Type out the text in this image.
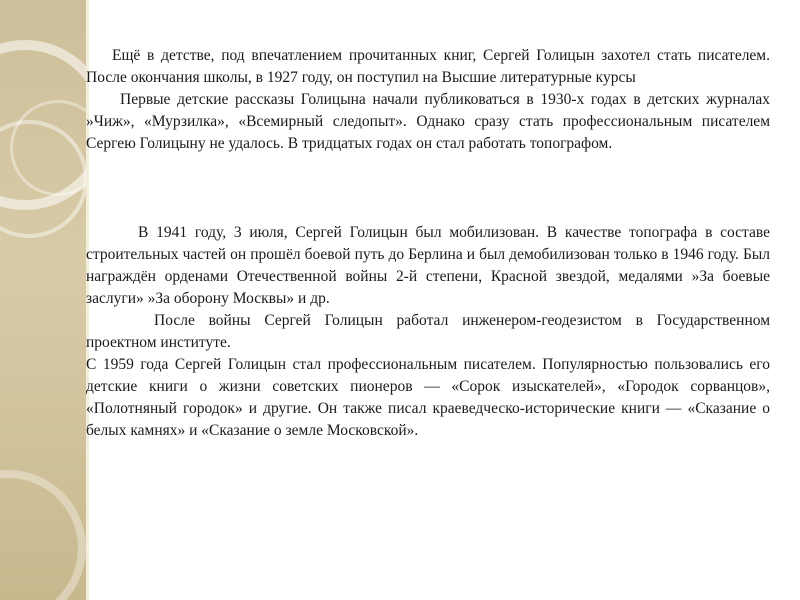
Ещё в детстве, под впечатлением прочитанных книг, Сергей Голицын захотел стать писателем. После окончания школы, в 1927 году, он поступил на Высшие литературные курсы

Первые детские рассказы Голицына начали публиковаться в 1930-х годах в детских журналах »Чиж», «Мурзилка», «Всемирный следопыт». Однако сразу стать профессиональным писателем Сергею Голицыну не удалось. В тридцатых годах он стал работать топографом.

В 1941 году, 3 июля, Сергей Голицын был мобилизован. В качестве топографа в составе строительных частей он прошёл боевой путь до Берлина и был демобилизован только в 1946 году. Был награждён орденами Отечественной войны 2-й степени, Красной звездой, медалями »За боевые заслуги» »За оборону Москвы» и др.

После войны Сергей Голицын работал инженером-геодезистом в Государственном проектном институте.

С 1959 года Сергей Голицын стал профессиональным писателем. Популярностью пользовались его детские книги о жизни советских пионеров — «Сорок изыскателей», «Городок сорванцов», «Полотняный городок» и другие. Он также писал краеведческо-исторические книги — «Сказание о белых камнях» и «Сказание о земле Московской».
